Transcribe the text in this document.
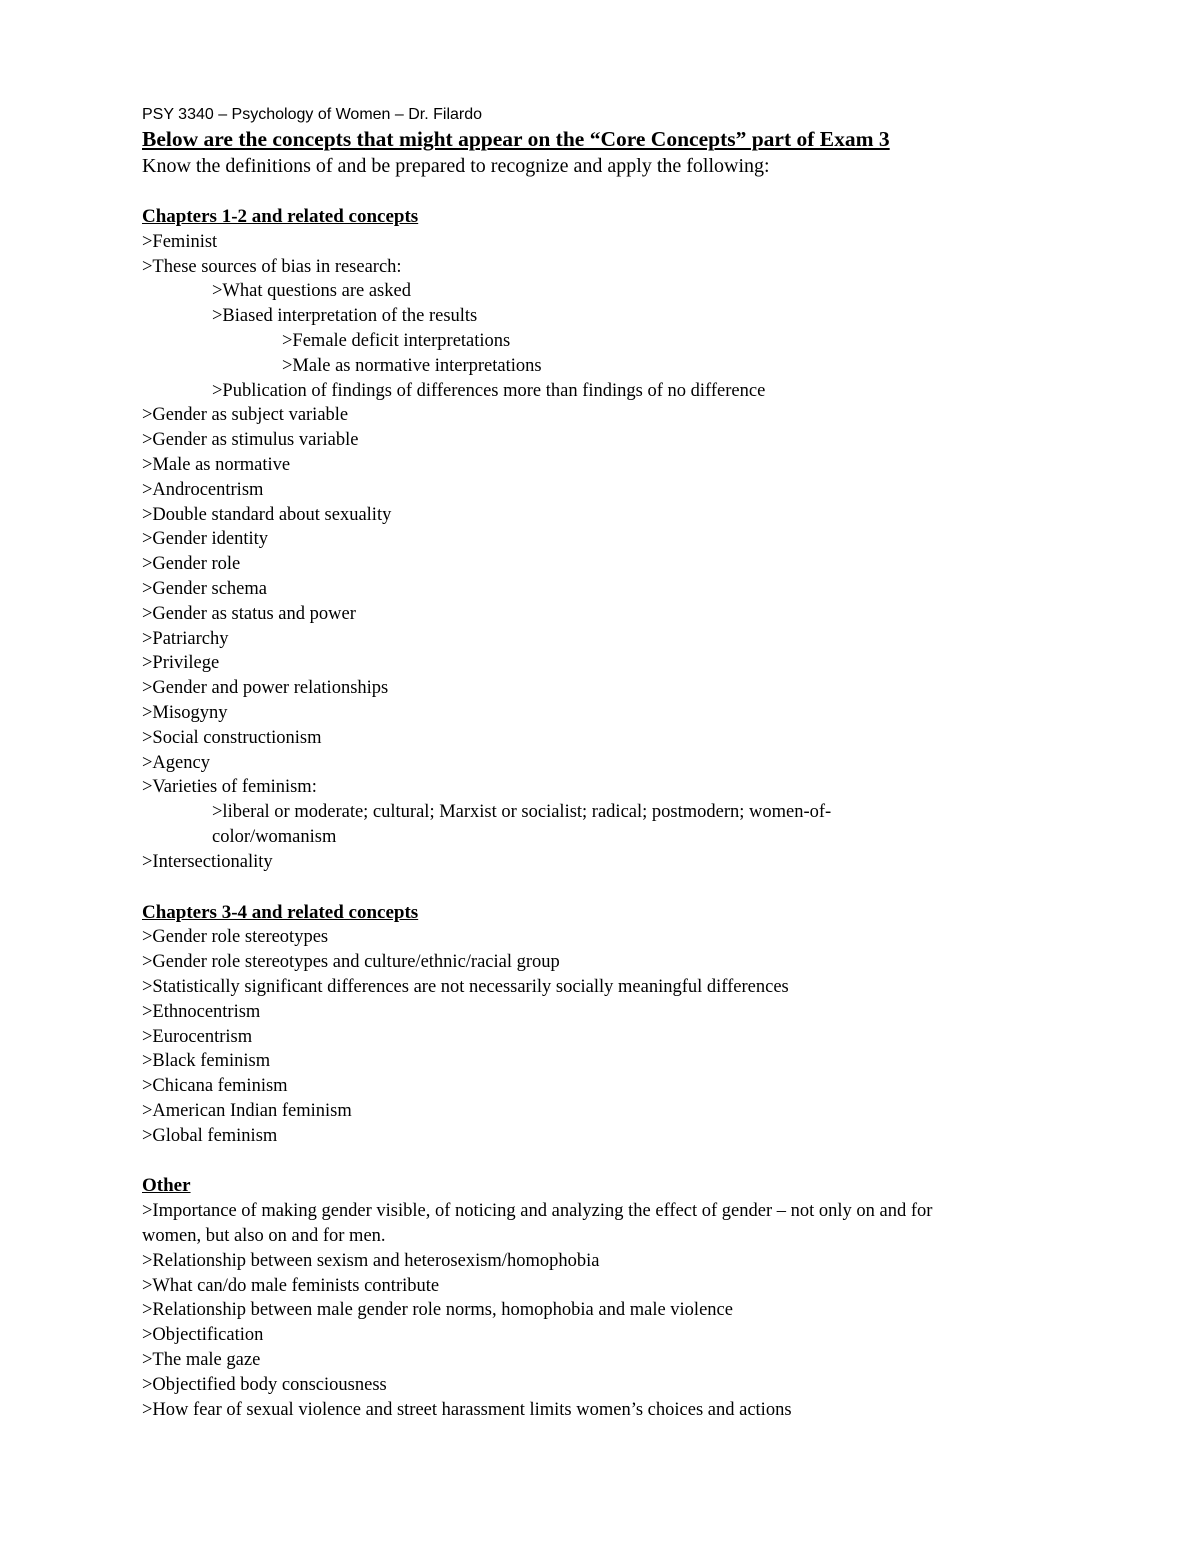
PSY 3340 – Psychology of Women – Dr. Filardo
Below are the concepts that might appear on the “Core Concepts” part of Exam 3
Know the definitions of and be prepared to recognize and apply the following:
Chapters 1-2 and related concepts
>Feminist
>These sources of bias in research:
>What questions are asked
>Biased interpretation of the results
>Female deficit interpretations
>Male as normative interpretations
>Publication of findings of differences more than findings of no difference
>Gender as subject variable
>Gender as stimulus variable
>Male as normative
>Androcentrism
>Double standard about sexuality
>Gender identity
>Gender role
>Gender schema
>Gender as status and power
>Patriarchy
>Privilege
>Gender and power relationships
>Misogyny
>Social constructionism
>Agency
>Varieties of feminism:
>liberal or moderate; cultural; Marxist or socialist; radical; postmodern; women-of-
color/womanism
>Intersectionality
Chapters 3-4 and related concepts
>Gender role stereotypes
>Gender role stereotypes and culture/ethnic/racial group
>Statistically significant differences are not necessarily socially meaningful differences
>Ethnocentrism
>Eurocentrism
>Black feminism
>Chicana feminism
>American Indian feminism
>Global feminism
Other
>Importance of making gender visible, of noticing and analyzing the effect of gender – not only on and for
women, but also on and for men.
>Relationship between sexism and heterosexism/homophobia
>What can/do male feminists contribute
>Relationship between male gender role norms, homophobia and male violence
>Objectification
>The male gaze
>Objectified body consciousness
>How fear of sexual violence and street harassment limits women’s choices and actions
